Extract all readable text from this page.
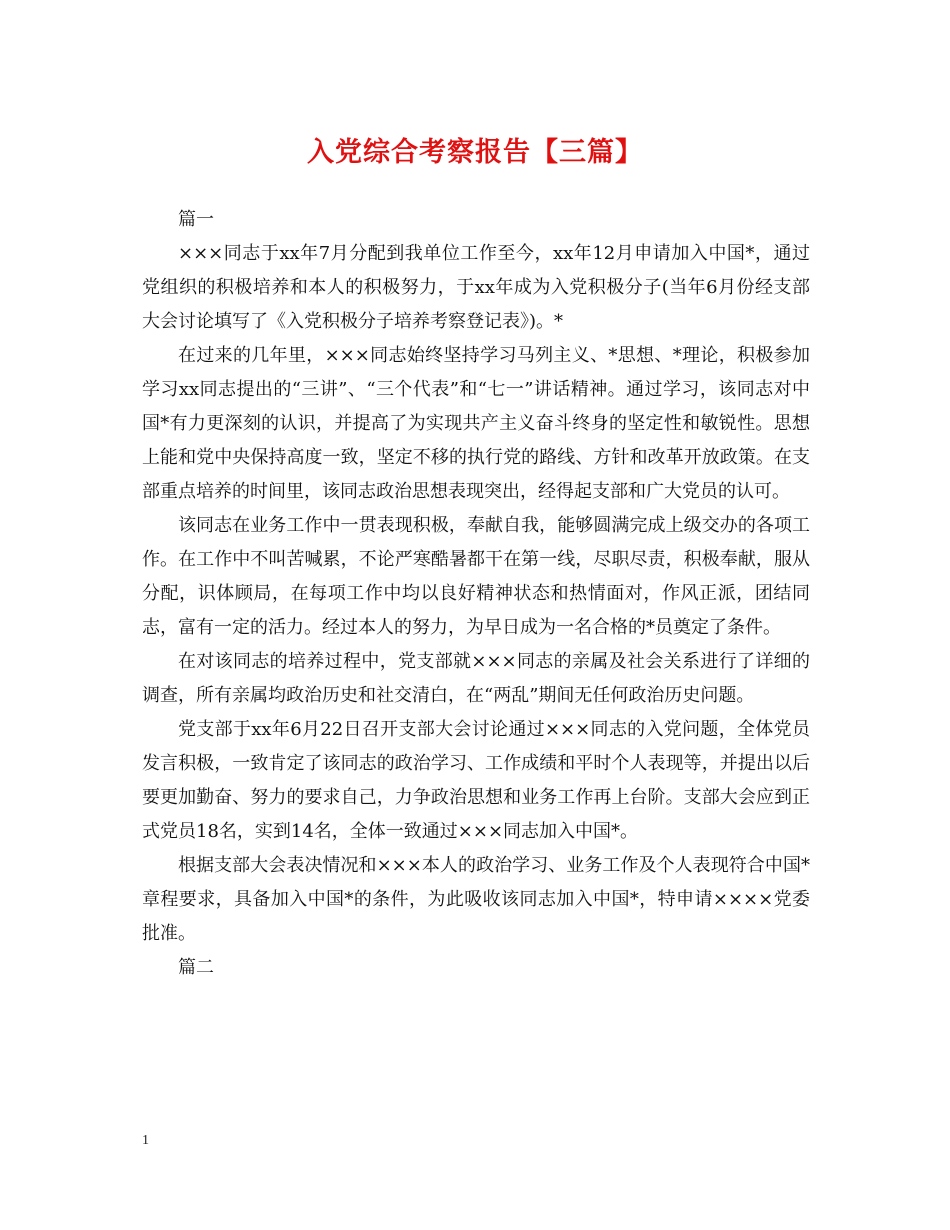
入党综合考察报告【三篇】

篇一

×××同志于xx年7月分配到我单位工作至今，xx年12月申请加入中国*，通过党组织的积极培养和本人的积极努力，于xx年成为入党积极分子(当年6月份经支部大会讨论填写了《入党积极分子培养考察登记表》)。*

在过来的几年里，×××同志始终坚持学习马列主义、*思想、*理论，积极参加学习xx同志提出的“三讲”、“三个代表”和“七一”讲话精神。通过学习，该同志对中国*有力更深刻的认识，并提高了为实现共产主义奋斗终身的坚定性和敏锐性。思想上能和党中央保持高度一致，坚定不移的执行党的路线、方针和改革开放政策。在支部重点培养的时间里，该同志政治思想表现突出，经得起支部和广大党员的认可。

该同志在业务工作中一贯表现积极，奉献自我，能够圆满完成上级交办的各项工作。在工作中不叫苦喊累，不论严寒酷暑都干在第一线，尽职尽责，积极奉献，服从分配，识体顾局，在每项工作中均以良好精神状态和热情面对，作风正派，团结同志，富有一定的活力。经过本人的努力，为早日成为一名合格的*员奠定了条件。

在对该同志的培养过程中，党支部就×××同志的亲属及社会关系进行了详细的调查，所有亲属均政治历史和社交清白，在“两乱”期间无任何政治历史问题。

党支部于xx年6月22日召开支部大会讨论通过×××同志的入党问题，全体党员发言积极，一致肯定了该同志的政治学习、工作成绩和平时个人表现等，并提出以后要更加勤奋、努力的要求自己，力争政治思想和业务工作再上台阶。支部大会应到正式党员18名，实到14名，全体一致通过×××同志加入中国*。

根据支部大会表决情况和×××本人的政治学习、业务工作及个人表现符合中国*章程要求，具备加入中国*的条件，为此吸收该同志加入中国*，特申请××××党委批准。

篇二

1
